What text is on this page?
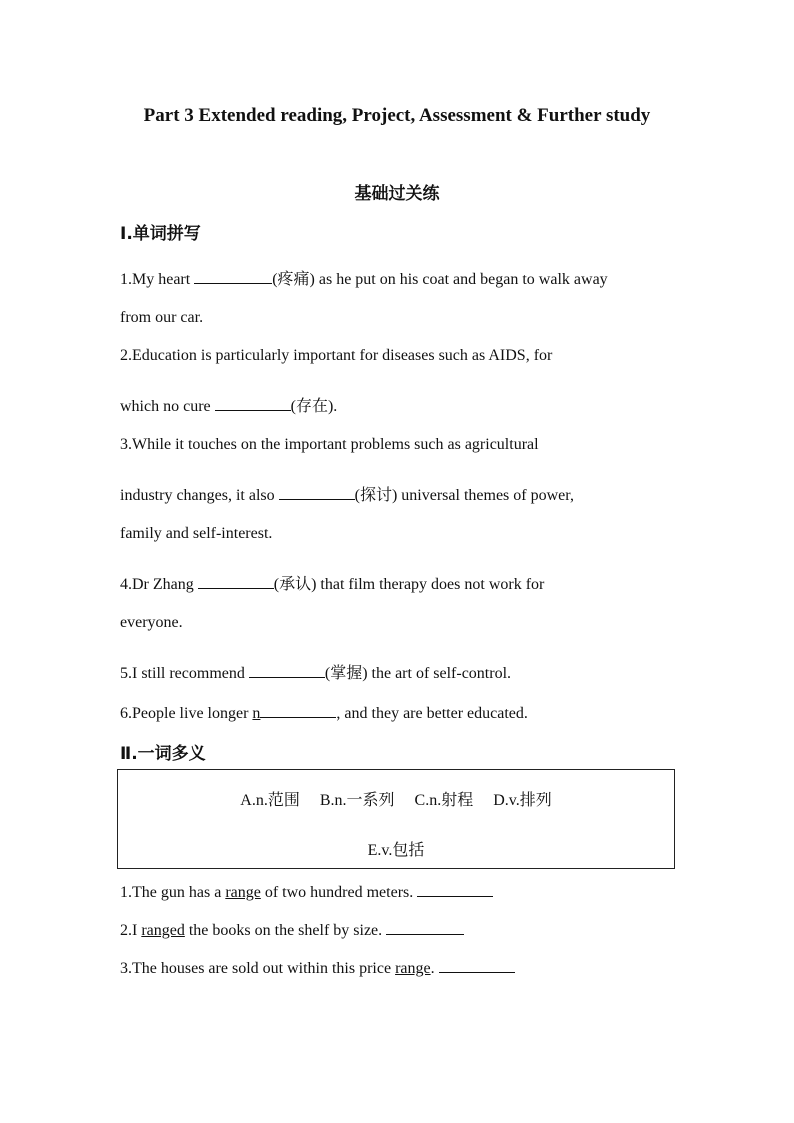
Part 3 Extended reading, Project, Assessment & Further study
基础过关练
Ⅰ.单词拼写
1.My heart	(疼痛) as he put on his coat and began to walk away
from our car.
2.Education is particularly important for diseases such as AIDS, for
which no cure	(存在).
3.While it touches on the important problems such as agricultural
industry changes, it also	(探讨) universal themes of power,
family and self-interest.
4.Dr Zhang	(承认) that film therapy does not work for
everyone.
5.I still recommend	(掌握) the art of self-control.
6.People live longer n	, and they are better educated.
Ⅱ.一词多义
A.n.范围 B.n.一系列 C.n.射程 D.v.排列
E.v.包括
1.The gun has a range of two hundred meters.
2.I ranged the books on the shelf by size.
3.The houses are sold out within this price range.
